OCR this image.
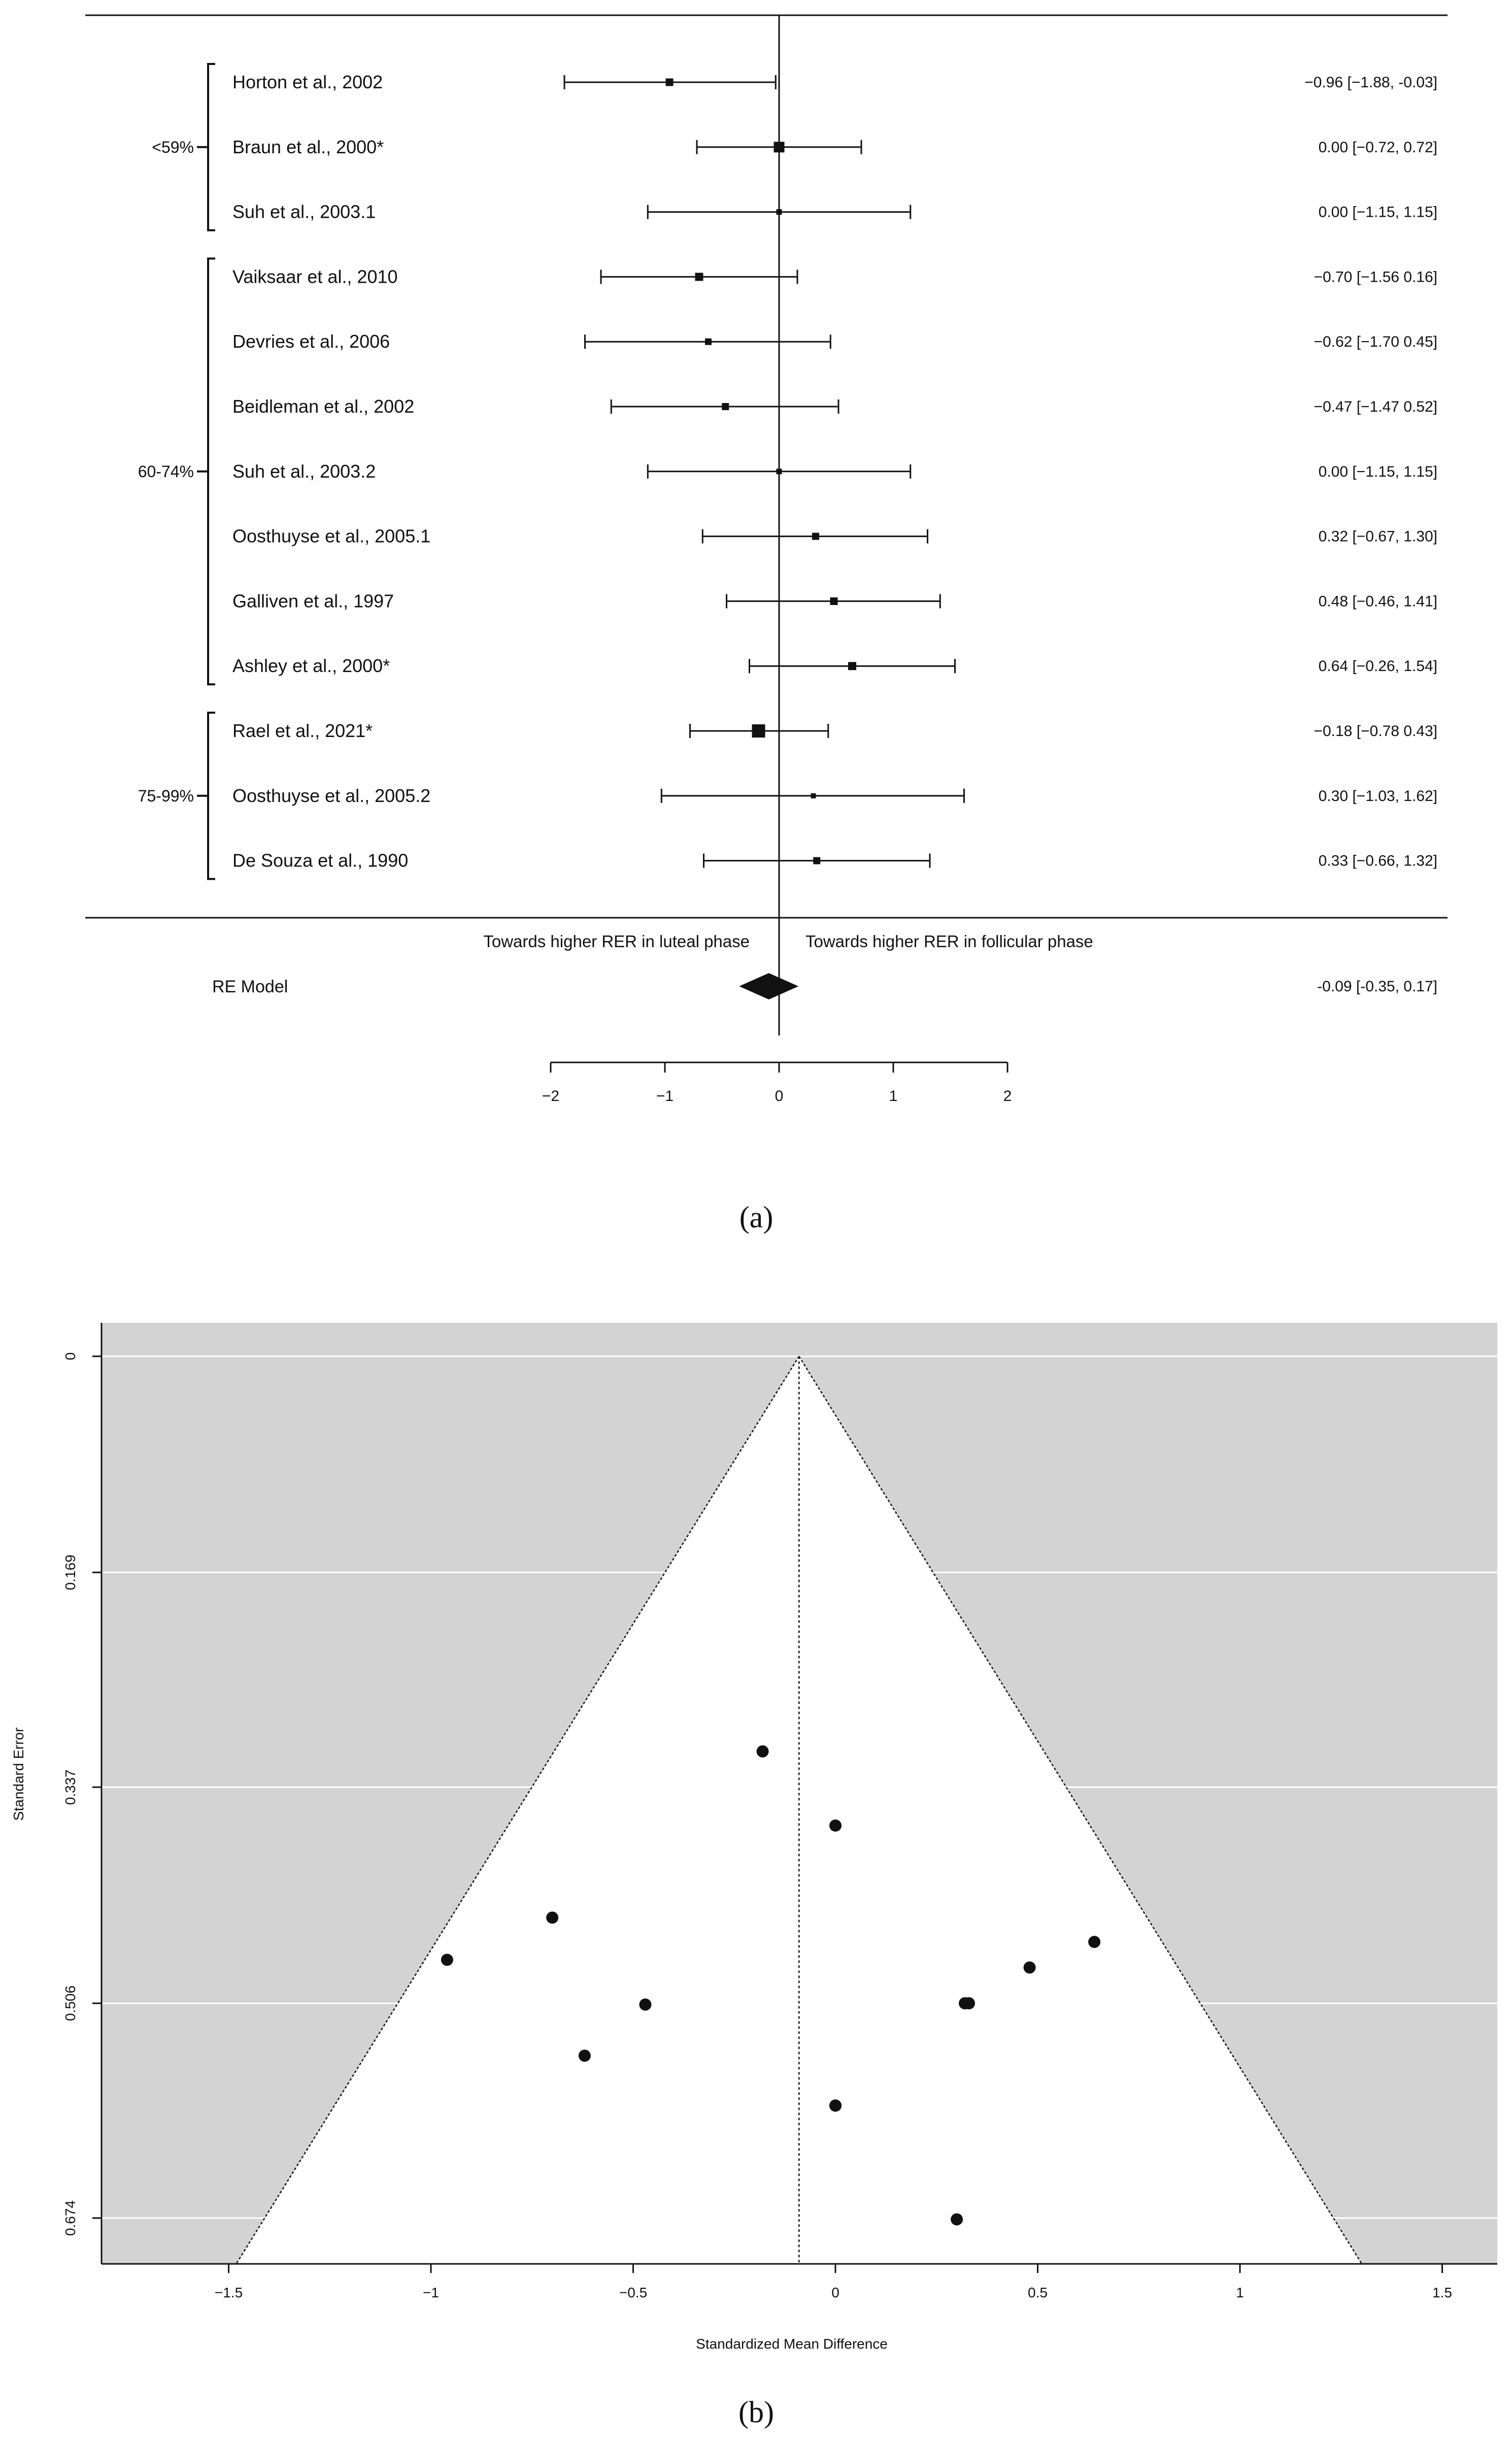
<59%
60-74%
75-99%
Horton et al., 2002	−0.96 [−1.88, -0.03]
Braun et al., 2000*	0.00 [−0.72, 0.72]
Suh et al., 2003.1	0.00 [−1.15, 1.15]
Vaiksaar et al., 2010	−0.70 [−1.56 0.16]
Devries et al., 2006	−0.62 [−1.70 0.45]
Beidleman et al., 2002	−0.47 [−1.47 0.52]
Suh et al., 2003.2	0.00 [−1.15, 1.15]
Oosthuyse et al., 2005.1	0.32 [−0.67, 1.30]
Galliven et al., 1997	0.48 [−0.46, 1.41]
Ashley et al., 2000*	0.64 [−0.26, 1.54]
Rael et al., 2021*	−0.18 [−0.78 0.43]
Oosthuyse et al., 2005.2	0.30 [−1.03, 1.62]
De Souza et al., 1990	0.33 [−0.66, 1.32]
Towards higher RER in luteal phase	Towards higher RER in follicular phase
RE Model	-0.09 [-0.35, 0.17]
−2	−1	0	1	2
(a)
0
0.169
0.337
0.506
0.674
−1.5	−1	−0.5	0	0.5	1	1.5
Standardized Mean Difference
Standard Error
(b)
